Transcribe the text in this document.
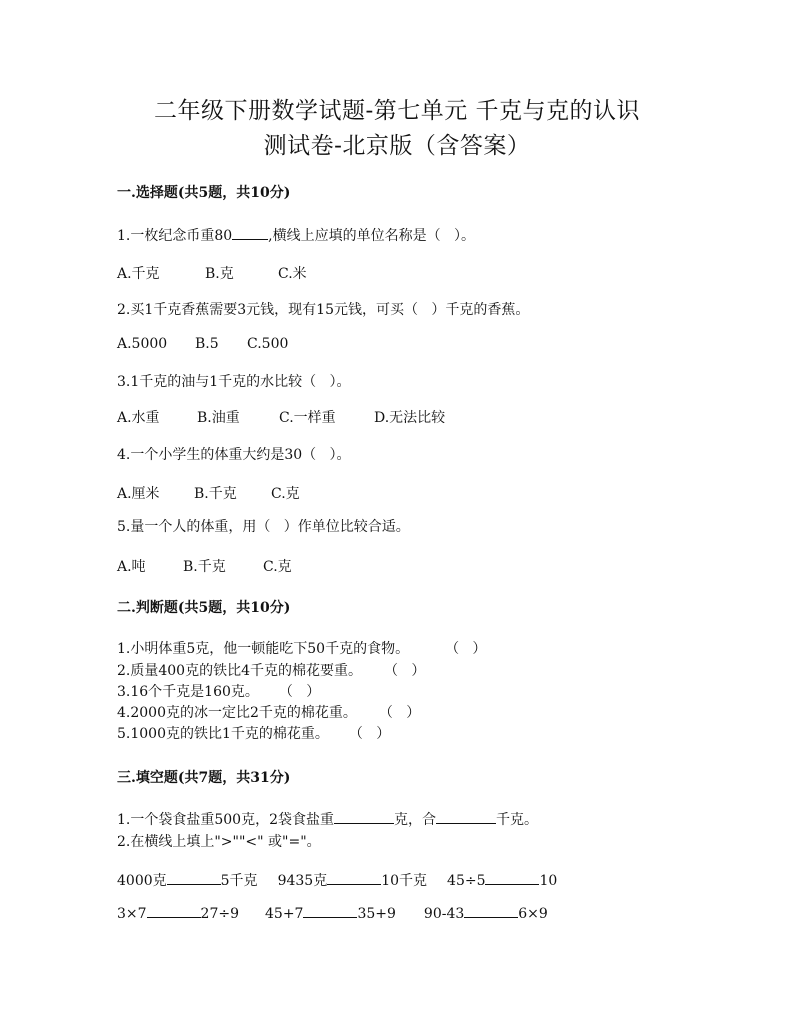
二年级下册数学试题-第七单元 千克与克的认识
测试卷-北京版（含答案）
一.选择题(共5题，共10分)
1.一枚纪念币重80	,横线上应填的单位名称是（   ）。
A.千克	B.克	C.米
2.买1千克香蕉需要3元钱，现有15元钱，可买（   ）千克的香蕉。
A.5000 B.5 C.500
3.1千克的油与1千克的水比较（   ）。
A.水重	B.油重	C.一样重	D.无法比较
4.一个小学生的体重大约是30（   ）。
A.厘米 B.千克 C.克
5.量一个人的体重，用（   ）作单位比较合适。
A.吨	B.千克	C.克
二.判断题(共5题，共10分)
1.小明体重5克，他一顿能吃下50千克的食物。	（   ）
2.质量400克的铁比4千克的棉花要重。 （   ）
3.16个千克是160克。 （   ）
4.2000克的冰一定比2千克的棉花重。 （   ）
5.1000克的铁比1千克的棉花重。 （   ）
三.填空题(共7题，共31分)
1.一个袋食盐重500克，2袋食盐重	克，合	千克。
2.在横线上填上">""<" 或"="。
4000克	5千克 9435克	10千克 45÷5	10
3×7	27÷9 45+7	35+9 90-43	6×9
